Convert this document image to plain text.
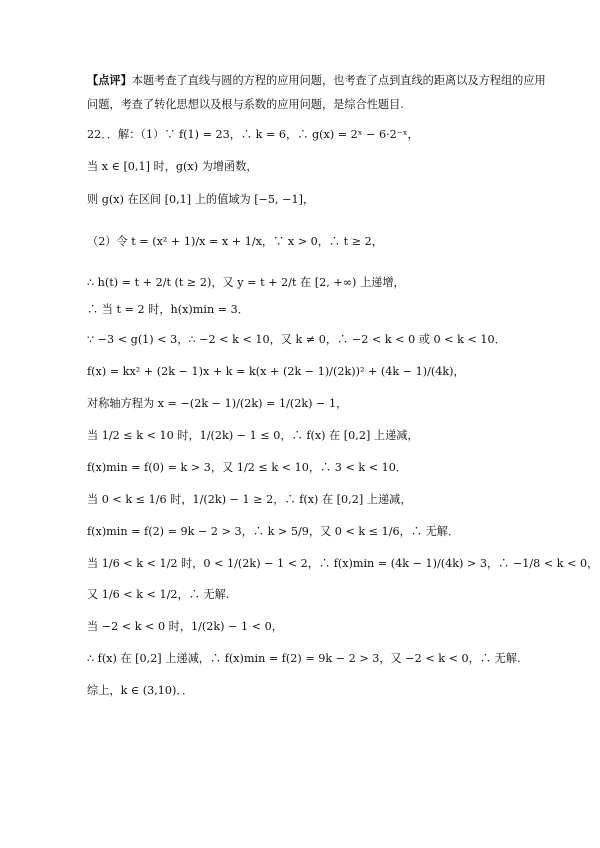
【点评】本题考查了直线与圆的方程的应用问题，也考查了点到直线的距离以及方程组的应用问题，考查了转化思想以及根与系数的应用问题，是综合性题目.
22．．解：（1）∵ f(1) = 23，∴ k = 6，∴ g(x) = 2ˣ − 6·2⁻ˣ，
当 x ∈ [0,1] 时，g(x) 为增函数，
则 g(x) 在区间 [0,1] 上的值域为 [−5, −1]，
（2）令 t = (x² + 1)/x = x + 1/x，∵ x > 0，∴ t ≥ 2，
∴ h(t) = t + 2/t (t ≥ 2)，又 y = t + 2/t 在 [2, +∞) 上递增，
∴ 当 t = 2 时，h(x)min = 3．
∵ −3 < g(1) < 3，∴ −2 < k < 10，又 k ≠ 0，∴ −2 < k < 0 或 0 < k < 10．
f(x) = kx² + (2k − 1)x + k = k(x + (2k − 1)/(2k))² + (4k − 1)/(4k)，
对称轴方程为 x = −(2k − 1)/(2k) = 1/(2k) − 1，
当 1/2 ≤ k < 10 时，1/(2k) − 1 ≤ 0，∴ f(x) 在 [0,2] 上递减，
f(x)min = f(0) = k > 3，又 1/2 ≤ k < 10，∴ 3 < k < 10．
当 0 < k ≤ 1/6 时，1/(2k) − 1 ≥ 2，∴ f(x) 在 [0,2] 上递减，
f(x)min = f(2) = 9k − 2 > 3，∴ k > 5/9，又 0 < k ≤ 1/6，∴ 无解．
当 1/6 < k < 1/2 时，0 < 1/(2k) − 1 < 2，∴ f(x)min = (4k − 1)/(4k) > 3，∴ −1/8 < k < 0，
又 1/6 < k < 1/2，∴ 无解.
当 −2 < k < 0 时，1/(2k) − 1 < 0，
∴ f(x) 在 [0,2] 上递减，∴ f(x)min = f(2) = 9k − 2 > 3，又 −2 < k < 0，∴ 无解.
综上，k ∈ (3,10)．．
